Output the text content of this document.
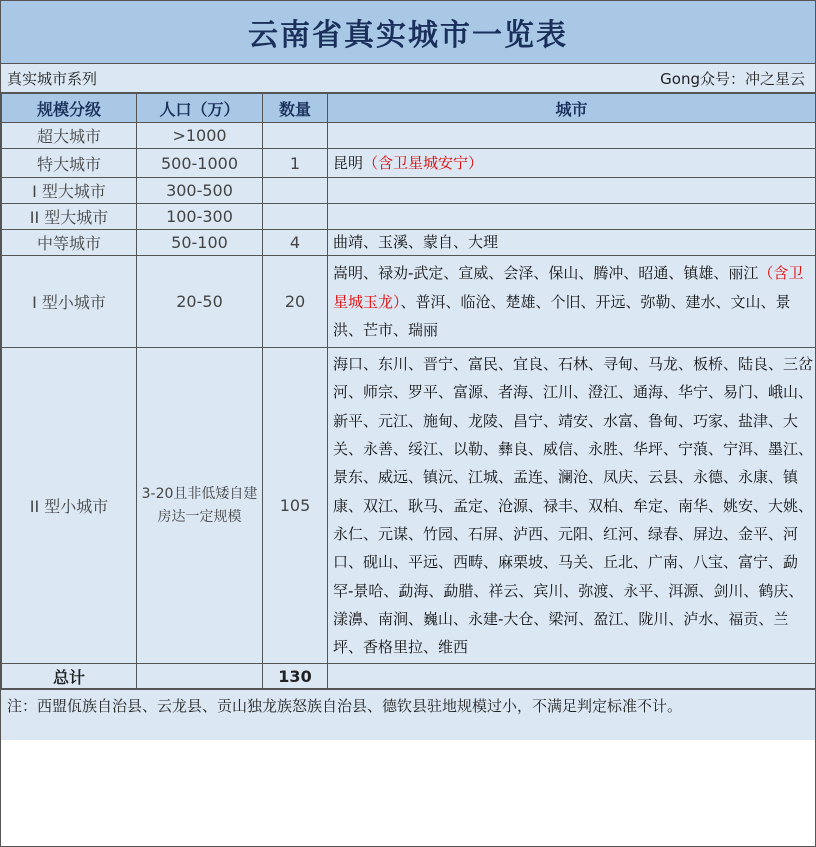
云南省真实城市一览表
真实城市系列	Gong众号：冲之星云
规模分级	人口（万）	数量	城市
超大城市	>1000		
特大城市	500-1000	1	昆明（含卫星城安宁）
I 型大城市	300-500		
II 型大城市	100-300		
中等城市	50-100	4	曲靖、玉溪、蒙自、大理
I 型小城市	20-50	20	嵩明、禄劝-武定、宣威、会泽、保山、腾冲、昭通、镇雄、丽江（含卫星城玉龙）、普洱、临沧、楚雄、个旧、开远、弥勒、建水、文山、景洪、芒市、瑞丽
II 型小城市	3-20且非低矮自建房达一定规模	105	海口、东川、晋宁、富民、宜良、石林、寻甸、马龙、板桥、陆良、三岔河、师宗、罗平、富源、者海、江川、澄江、通海、华宁、易门、峨山、新平、元江、施甸、龙陵、昌宁、靖安、水富、鲁甸、巧家、盐津、大关、永善、绥江、以勒、彝良、威信、永胜、华坪、宁蒗、宁洱、墨江、景东、威远、镇沅、江城、孟连、澜沧、凤庆、云县、永德、永康、镇康、双江、耿马、孟定、沧源、禄丰、双柏、牟定、南华、姚安、大姚、永仁、元谋、竹园、石屏、泸西、元阳、红河、绿春、屏边、金平、河口、砚山、平远、西畴、麻栗坡、马关、丘北、广南、八宝、富宁、勐罕-景哈、勐海、勐腊、祥云、宾川、弥渡、永平、洱源、剑川、鹤庆、漾濞、南涧、巍山、永建-大仓、梁河、盈江、陇川、泸水、福贡、兰坪、香格里拉、维西
总计		130	
注：西盟佤族自治县、云龙县、贡山独龙族怒族自治县、德钦县驻地规模过小，不满足判定标准不计。
